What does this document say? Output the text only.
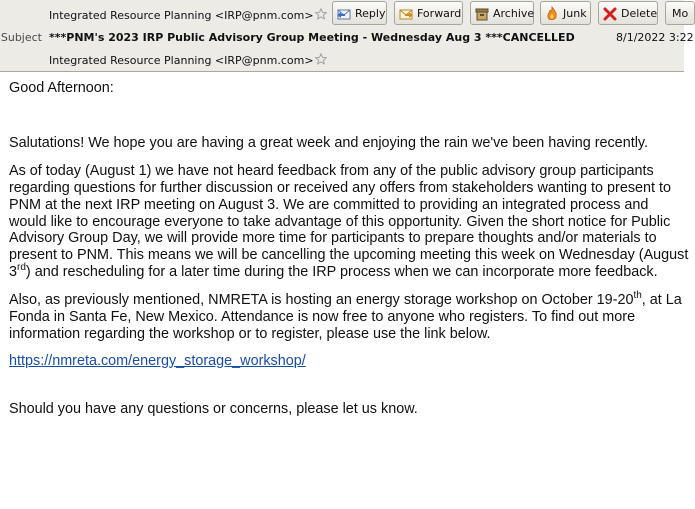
Integrated Resource Planning <IRP@pnm.com>	Reply	Forward	Archive	Junk	Delete Mo
Subject ***PNM's 2023 IRP Public Advisory Group Meeting - Wednesday Aug 3 ***CANCELLED	8/1/2022 3:22
Integrated Resource Planning <IRP@pnm.com>

Good Afternoon:

Salutations! We hope you are having a great week and enjoying the rain we've been having recently.

As of today (August 1) we have not heard feedback from any of the public advisory group participants regarding questions for further discussion or received any offers from stakeholders wanting to present to PNM at the next IRP meeting on August 3. We are committed to providing an integrated process and would like to encourage everyone to take advantage of this opportunity. Given the short notice for Public Advisory Group Day, we will provide more time for participants to prepare thoughts and/or materials to present to PNM. This means we will be cancelling the upcoming meeting this week on Wednesday (August 3rd) and rescheduling for a later time during the IRP process when we can incorporate more feedback.

Also, as previously mentioned, NMRETA is hosting an energy storage workshop on October 19-20th, at La Fonda in Santa Fe, New Mexico. Attendance is now free to anyone who registers. To find out more information regarding the workshop or to register, please use the link below.

https://nmreta.com/energy_storage_workshop/

Should you have any questions or concerns, please let us know.
